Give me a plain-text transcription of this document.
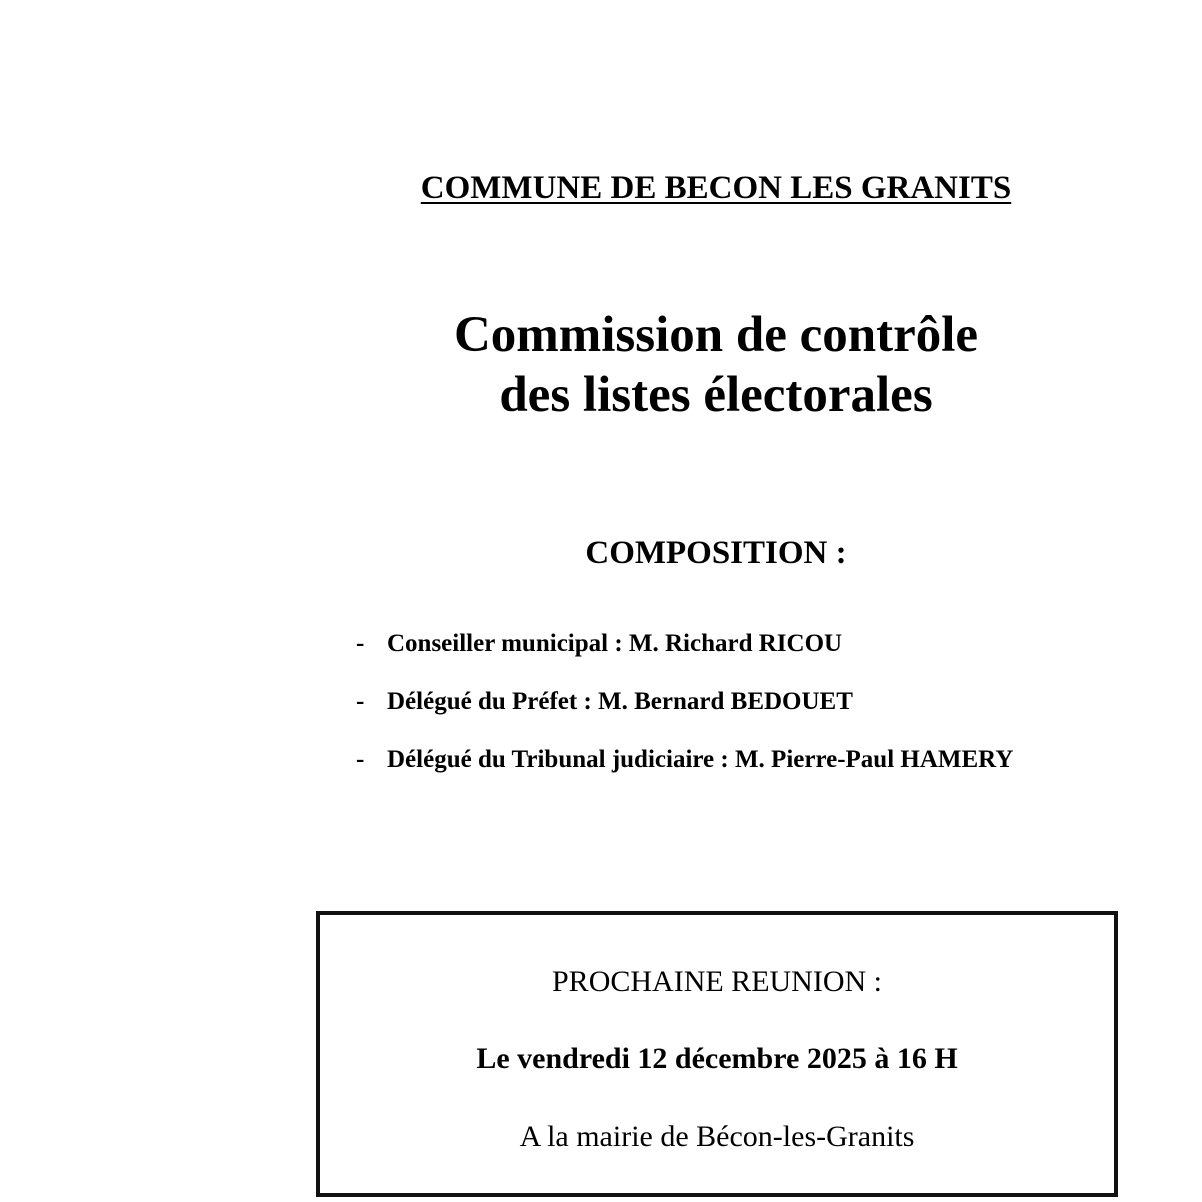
COMMUNE DE BECON LES GRANITS
Commission de contrôle
des listes électorales
COMPOSITION :
- Conseiller municipal : M. Richard RICOU
- Délégué du Préfet : M. Bernard BEDOUET
- Délégué du Tribunal judiciaire : M. Pierre-Paul HAMERY
PROCHAINE REUNION :
Le vendredi 12 décembre 2025 à 16 H
A la mairie de Bécon-les-Granits
